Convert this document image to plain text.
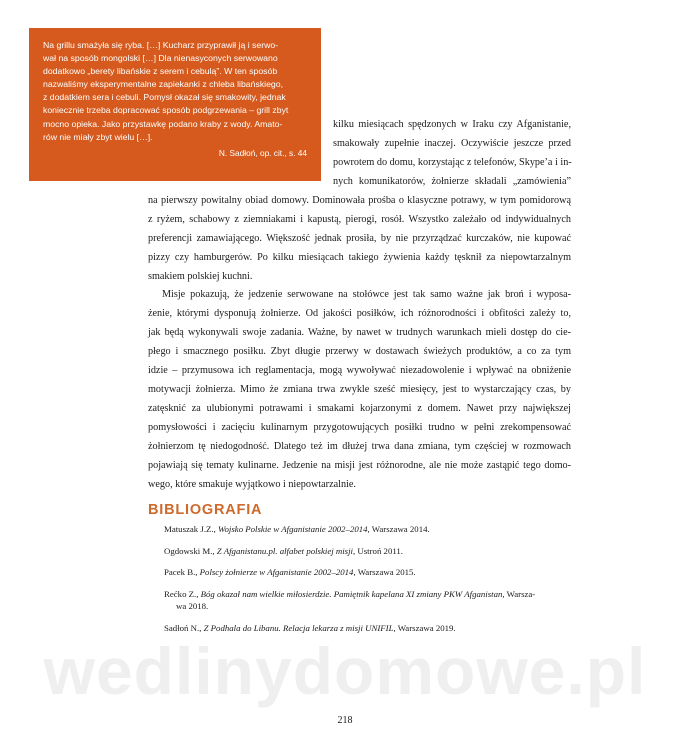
Na grillu smażyła się ryba. […] Kucharz przyprawił ją i serwo-
wał na sposób mongolski […] Dla nienasyconych serwowano
dodatkowo „berety libańskie z serem i cebulą”. W ten sposób
nazwaliśmy eksperymentalne zapiekanki z chleba libańskiego,
z dodatkiem sera i cebuli. Pomysł okazał się smakowity, jednak
koniecznie trzeba dopracować sposób podgrzewania – grill zbyt
mocno opieka. Jako przystawkę podano kraby z wody. Amato-
rów nie miały zbyt wielu […].
N. Sadłoń, op. cit., s. 44
kilku miesiącach spędzonych w Iraku czy Afganistanie,
smakowały zupełnie inaczej. Oczywiście jeszcze przed
powrotem do domu, korzystając z telefonów, Skype’a i in-
nych komunikatorów, żołnierze składali „zamówienia”
na pierwszy powitalny obiad domowy. Dominowała prośba o klasyczne potrawy, w tym pomidorową
z ryżem, schabowy z ziemniakami i kapustą, pierogi, rosół. Wszystko zależało od indywidualnych
preferencji zamawiającego. Większość jednak prosiła, by nie przyrządzać kurczaków, nie kupować
pizzy czy hamburgerów. Po kilku miesiącach takiego żywienia każdy tęsknił za niepowtarzalnym
smakiem polskiej kuchni.
Misje pokazują, że jedzenie serwowane na stołówce jest tak samo ważne jak broń i wyposa-
żenie, którymi dysponują żołnierze. Od jakości posiłków, ich różnorodności i obfitości zależy to,
jak będą wykonywali swoje zadania. Ważne, by nawet w trudnych warunkach mieli dostęp do cie-
płego i smacznego posiłku. Zbyt długie przerwy w dostawach świeżych produktów, a co za tym
idzie – przymusowa ich reglamentacja, mogą wywoływać niezadowolenie i wpływać na obniżenie
motywacji żołnierza. Mimo że zmiana trwa zwykle sześć miesięcy, jest to wystarczający czas, by
zatęsknić za ulubionymi potrawami i smakami kojarzonymi z domem. Nawet przy największej
pomysłowości i zacięciu kulinarnym przygotowujących posiłki trudno w pełni zrekompensować
żołnierzom tę niedogodność. Dlatego też im dłużej trwa dana zmiana, tym częściej w rozmowach
pojawiają się tematy kulinarne. Jedzenie na misji jest różnorodne, ale nie może zastąpić tego domo-
wego, które smakuje wyjątkowo i niepowtarzalnie.
BIBLIOGRAFIA
Matuszak J.Z., Wojsko Polskie w Afganistanie 2002–2014, Warszawa 2014.
Ogdowski M., Z Afganistanu.pl. alfabet polskiej misji, Ustroń 2011.
Pacek B., Polscy żołnierze w Afganistanie 2002–2014, Warszawa 2015.
Rećko Z., Bóg okazał nam wielkie miłosierdzie. Pamiętnik kapelana XI zmiany PKW Afganistan, Warsza-
wa 2018.
Sadłoń N., Z Podhala do Libanu. Relacja lekarza z misji UNIFIL, Warszawa 2019.
wedlinydomowe.pl
218
